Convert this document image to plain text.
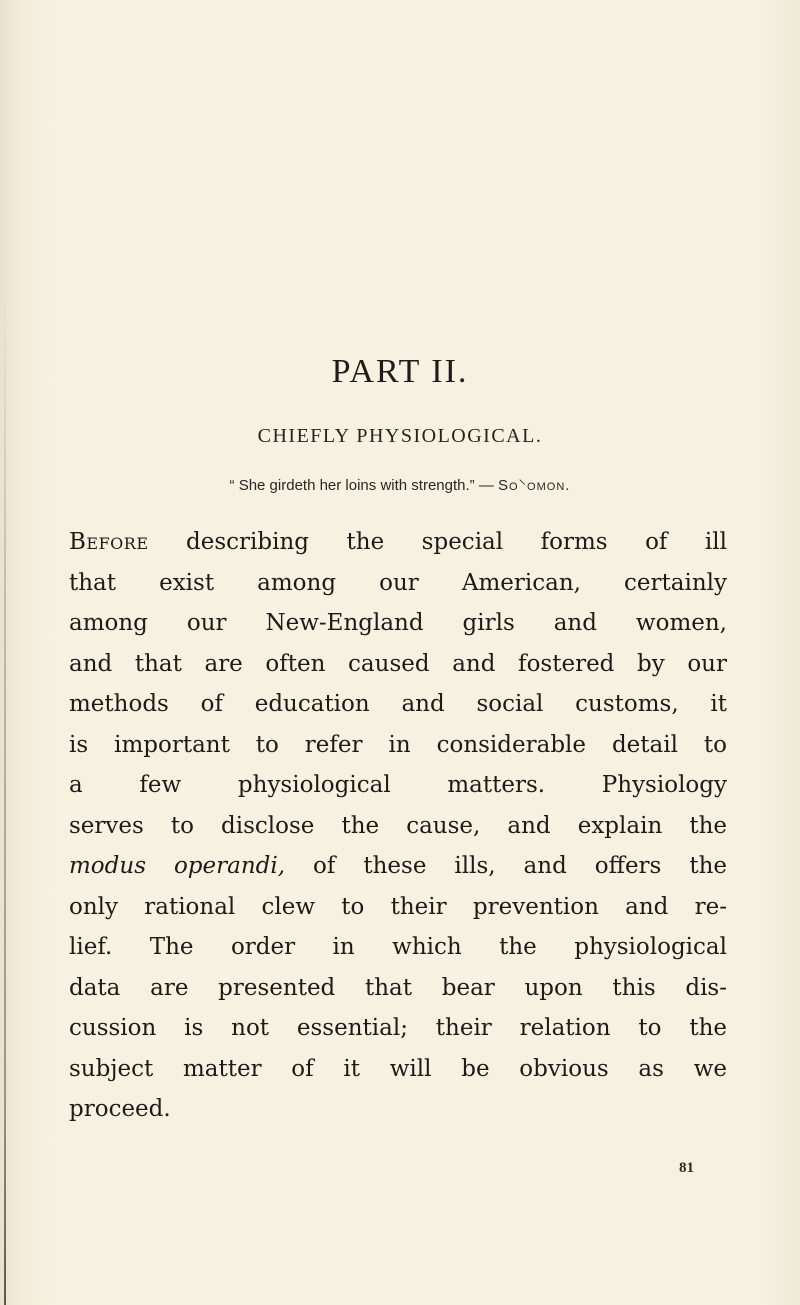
PART II.
CHIEFLY PHYSIOLOGICAL.
“ She girdeth her loins with strength.” — So⸌omon.
Before describing the special forms of ill
that exist among our American, certainly
among our New-England girls and women,
and that are often caused and fostered by our
methods of education and social customs, it
is important to refer in considerable detail to
a few physiological matters. Physiology
serves to disclose the cause, and explain the
modus operandi, of these ills, and offers the
only rational clew to their prevention and re-
lief. The order in which the physiological
data are presented that bear upon this dis-
cussion is not essential; their relation to the
subject matter of it will be obvious as we
proceed.
81
